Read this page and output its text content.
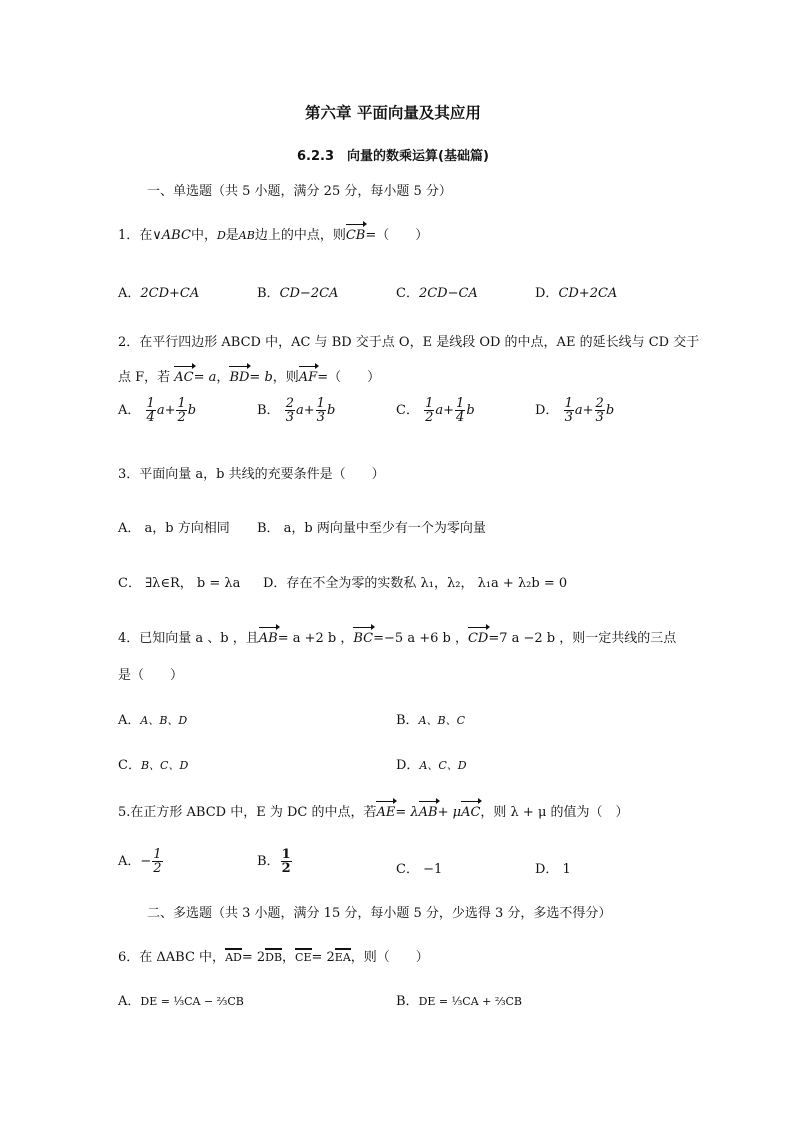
第六章 平面向量及其应用
6.2.3　向量的数乘运算(基础篇)
一、单选题（共 5 小题，满分 25 分，每小题 5 分）
1．在∨ABC中，D是AB边上的中点，则CB=（　　）
A．2CD+CA	B．CD−2CA	C．2CD−CA	D．CD+2CA
2．在平行四边形 ABCD 中，AC 与 BD 交于点 O，E 是线段 OD 的中点，AE 的延长线与 CD 交于
点 F，若 AC= a，BD= b，则AF=（　　）
A． $\frac{1}{4} a+ \frac{1}{2}$ b	B． $\frac{2}{3} a+ \frac{1}{3}$ b	C． $\frac{1}{2} a+ \frac{1}{4}$ b	D． $\frac{1}{3} a+ \frac{2}{3}$ b
3．平面向量 a，b 共线的充要条件是（　　）
A． a，b 方向相同 B． a，b 两向量中至少有一个为零向量
C． ∃λ∈R， b = λa D．存在不全为零的实数私 λ₁，λ₂， λ₁a + λ₂b = 0
4．已知向量 a 、b ，且AB= a +2 b ，BC=−5 a +6 b ，CD=7 a −2 b ，则一定共线的三点
是（　　）
A．A、B、D	B．A、B、C
C．B、C、D	D．A、C、D
5.在正方形 ABCD 中，E 为 DC 的中点，若AE= λAB+ μAC，则 λ + μ 的值为（　）
A．− $\frac{1}{2}$	B． $\frac{1}{2}$	C． −1	D． 1
二、多选题（共 3 小题，满分 15 分，每小题 5 分，少选得 3 分，多选不得分）
6．在 ΔABC 中，AD= 2DB，CE= 2EA，则（　　）
A．DE = ⅓CA − ⅔CB	B．DE = ⅓CA + ⅔CB
